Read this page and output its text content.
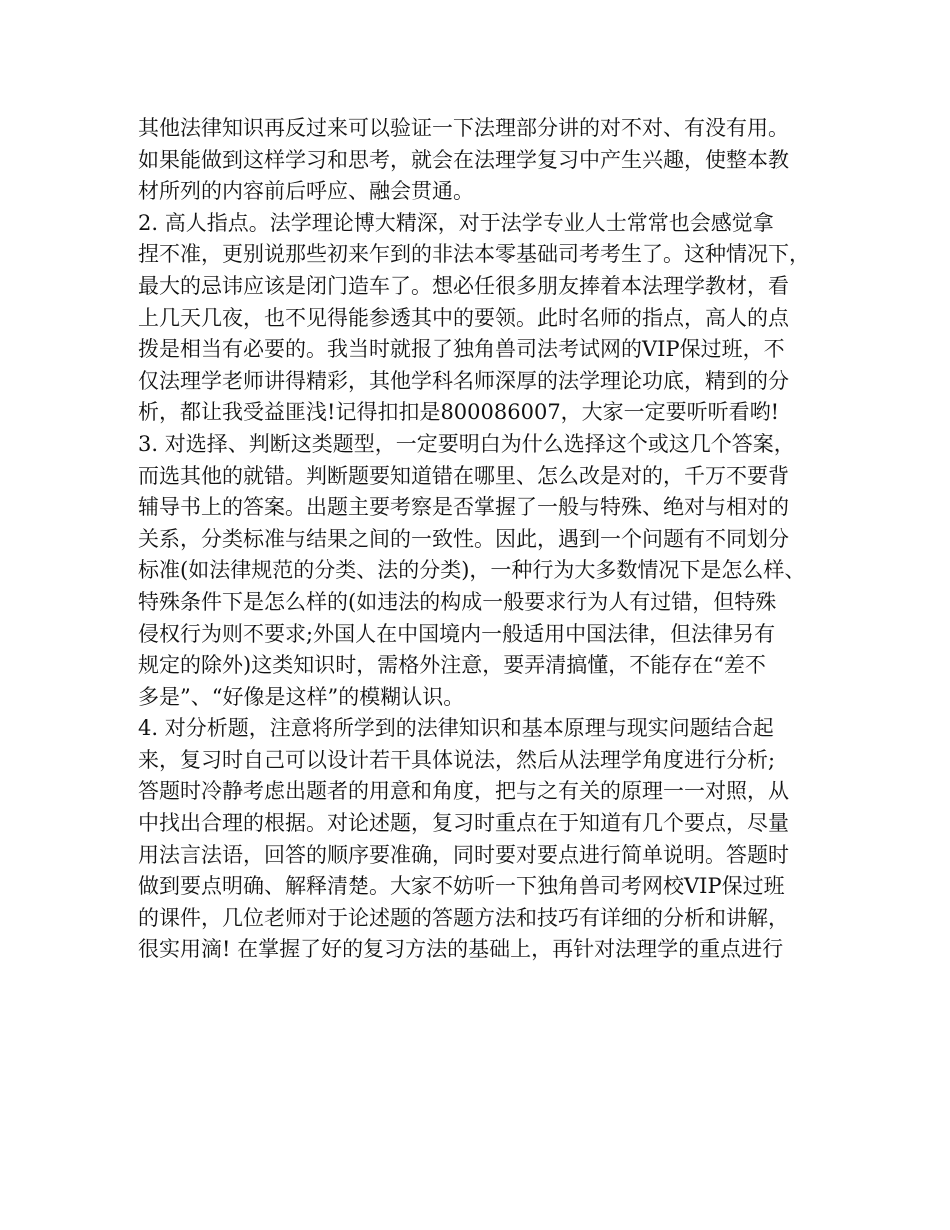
其他法律知识再反过来可以验证一下法理部分讲的对不对、有没有用。
如果能做到这样学习和思考，就会在法理学复习中产生兴趣，使整本教
材所列的内容前后呼应、融会贯通。
2. 高人指点。法学理论博大精深，对于法学专业人士常常也会感觉拿
捏不准，更别说那些初来乍到的非法本零基础司考考生了。这种情况下，
最大的忌讳应该是闭门造车了。想必任很多朋友捧着本法理学教材，看
上几天几夜，也不见得能参透其中的要领。此时名师的指点，高人的点
拨是相当有必要的。我当时就报了独角兽司法考试网的VIP保过班，不
仅法理学老师讲得精彩，其他学科名师深厚的法学理论功底，精到的分
析，都让我受益匪浅!记得扣扣是800086007，大家一定要听听看哟!
3. 对选择、判断这类题型，一定要明白为什么选择这个或这几个答案，
而选其他的就错。判断题要知道错在哪里、怎么改是对的，千万不要背
辅导书上的答案。出题主要考察是否掌握了一般与特殊、绝对与相对的
关系，分类标准与结果之间的一致性。因此，遇到一个问题有不同划分
标准(如法律规范的分类、法的分类)，一种行为大多数情况下是怎么样、
特殊条件下是怎么样的(如违法的构成一般要求行为人有过错，但特殊
侵权行为则不要求;外国人在中国境内一般适用中国法律，但法律另有
规定的除外)这类知识时，需格外注意，要弄清搞懂，不能存在“差不
多是”、“好像是这样”的模糊认识。
4. 对分析题，注意将所学到的法律知识和基本原理与现实问题结合起
来，复习时自己可以设计若干具体说法，然后从法理学角度进行分析;
答题时冷静考虑出题者的用意和角度，把与之有关的原理一一对照，从
中找出合理的根据。对论述题，复习时重点在于知道有几个要点，尽量
用法言法语，回答的顺序要准确，同时要对要点进行简单说明。答题时
做到要点明确、解释清楚。大家不妨听一下独角兽司考网校VIP保过班
的课件，几位老师对于论述题的答题方法和技巧有详细的分析和讲解，
很实用滴! 在掌握了好的复习方法的基础上，再针对法理学的重点进行
